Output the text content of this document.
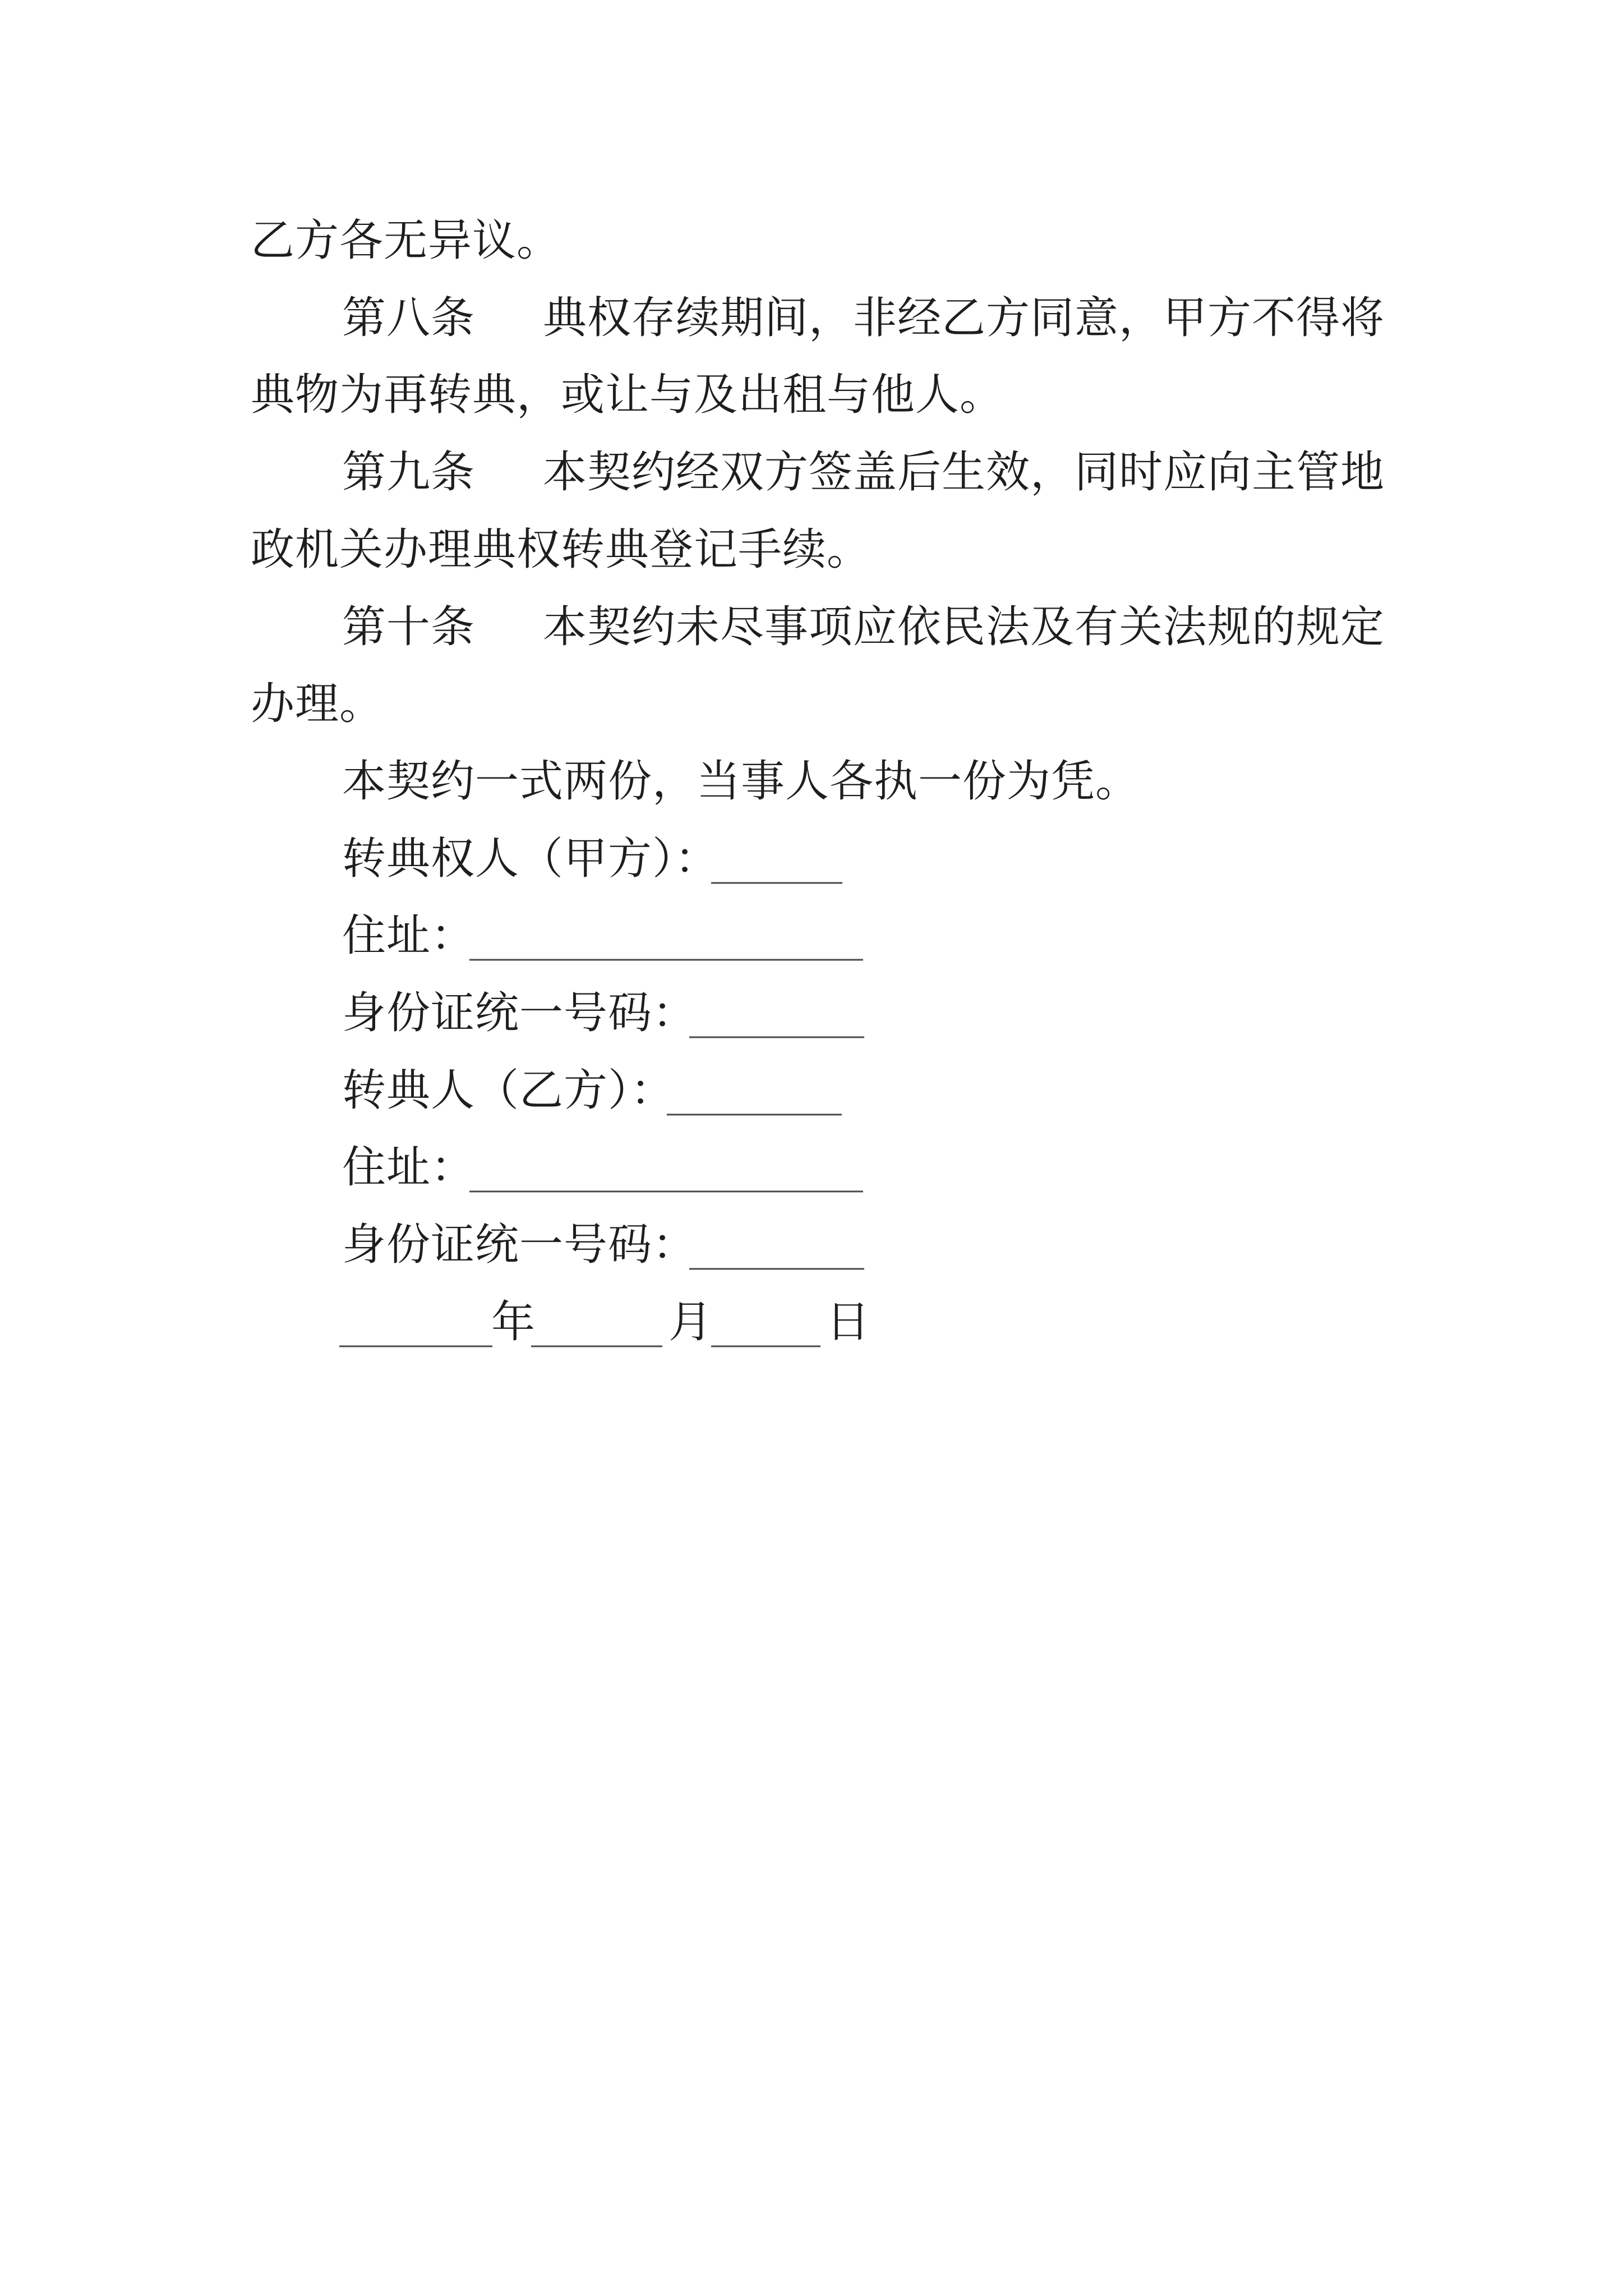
乙方各无异议。
第八条 典权存续期间，非经乙方同意，甲方不得将
典物为再转典，或让与及出租与他人。
第九条 本契约经双方签盖后生效，同时应向主管地
政机关办理典权转典登记手续。
第十条 本契约未尽事项应依民法及有关法规的规定
办理。
本契约一式两份，当事人各执一份为凭。
转典权人（甲方）：
______
住址：
__________________
身份证统一号码：
________
转典人（乙方）：
________
住址：
__________________
身份证统一号码：
________
_______
年
______ 月
_____ 日
